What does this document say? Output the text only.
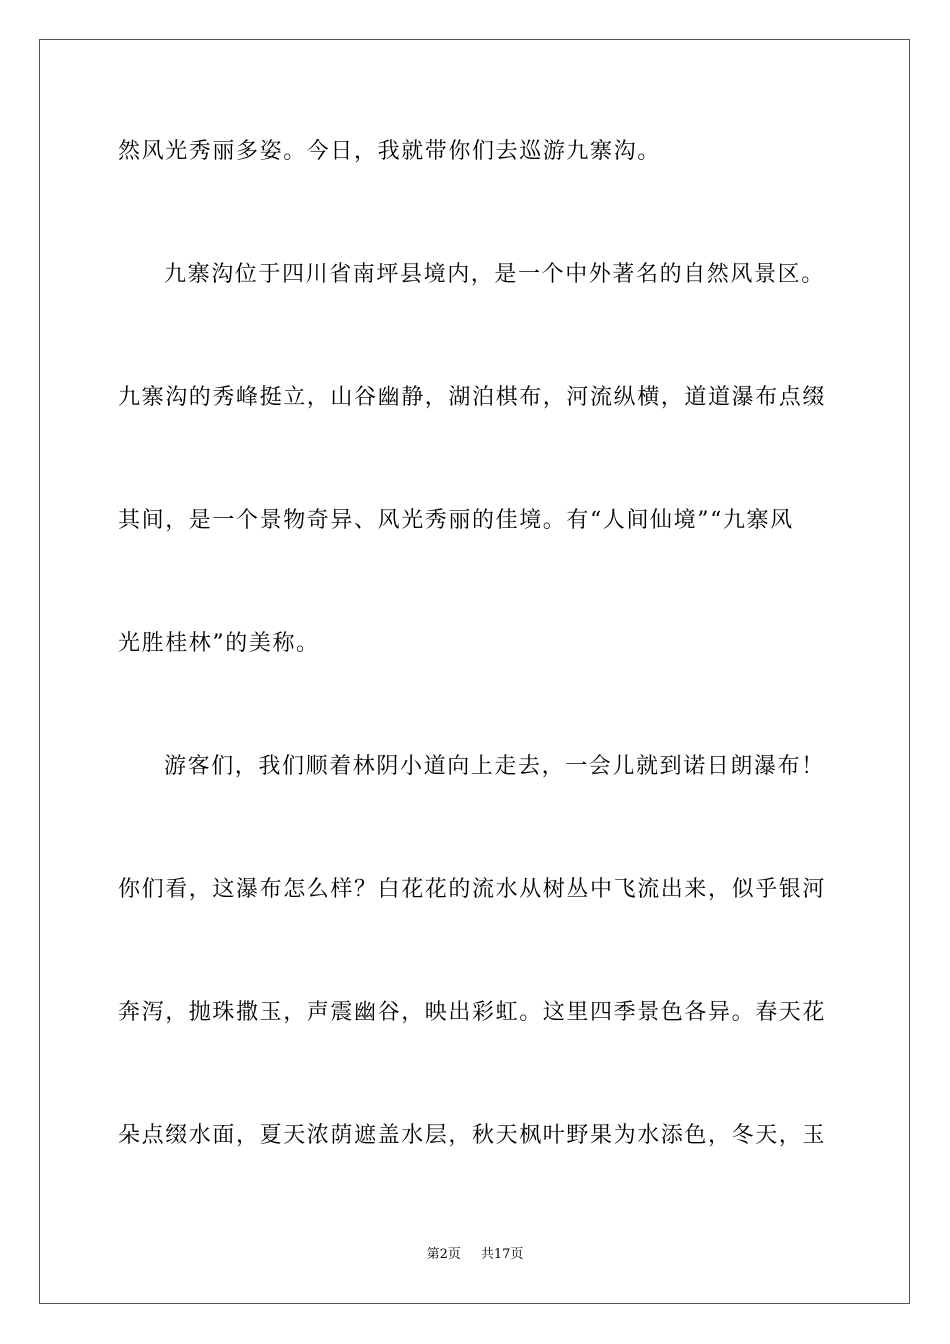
然风光秀丽多姿。今日，我就带你们去巡游九寨沟。
九寨沟位于四川省南坪县境内，是一个中外著名的自然风景区。
九寨沟的秀峰挺立，山谷幽静，湖泊棋布，河流纵横，道道瀑布点缀
其间，是一个景物奇异、风光秀丽的佳境。有“人间仙境”“九寨风
光胜桂林”的美称。
游客们，我们顺着林阴小道向上走去，一会儿就到诺日朗瀑布！
你们看，这瀑布怎么样？白花花的流水从树丛中飞流出来，似乎银河
奔泻，抛珠撒玉，声震幽谷，映出彩虹。这里四季景色各异。春天花
朵点缀水面，夏天浓荫遮盖水层，秋天枫叶野果为水添色，冬天，玉
第2页 共17页
